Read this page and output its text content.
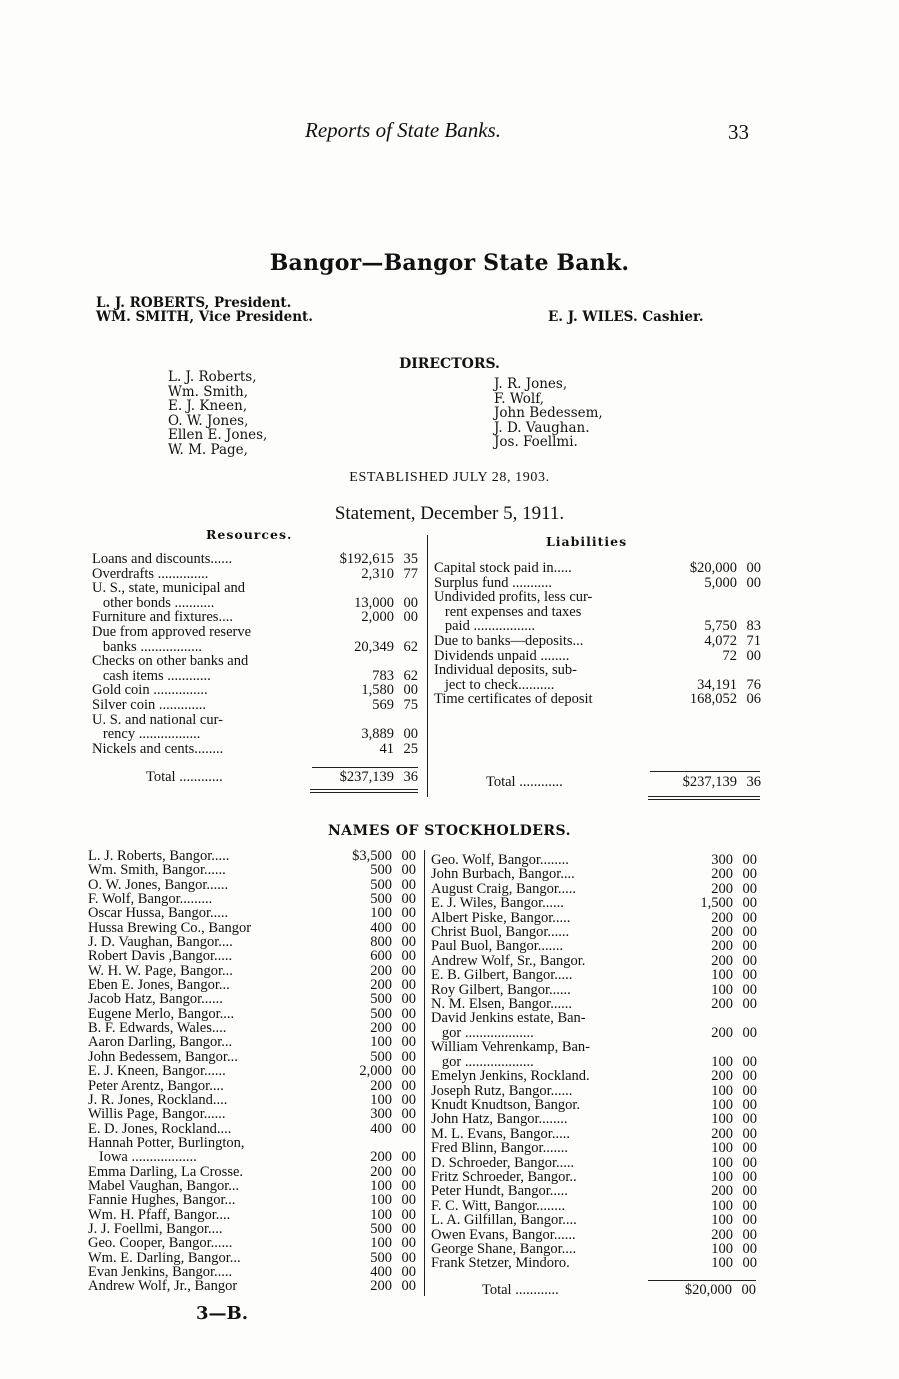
Reports of State Banks.	33
Bangor—Bangor State Bank.
L. J. ROBERTS, President.
WM. SMITH, Vice President.	E. J. WILES. Cashier.
DIRECTORS.
L. J. Roberts,
Wm. Smith,
E. J. Kneen,
O. W. Jones,
Ellen E. Jones,
W. M. Page,
J. R. Jones,
F. Wolf,
John Bedessem,
J. D. Vaughan.
Jos. Foellmi.
ESTABLISHED JULY 28, 1903.
Statement, December 5, 1911.
Resources.
Loans and discounts......	$192,615 35
Overdrafts ..............	2,310 77
U. S., state, municipal and
other bonds ...........	13,000 00
Furniture and fixtures....	2,000 00
Due from approved reserve
banks .................	20,349 62
Checks on other banks and
cash items ............	783 62
Gold coin ...............	1,580 00
Silver coin .............	569 75
U. S. and national cur-
rency .................	3,889 00
Nickels and cents........	41 25
Total ............	$237,139 36
Liabilities
Capital stock paid in.....	$20,000 00
Surplus fund ...........	5,000 00
Undivided profits, less cur-
rent expenses and taxes
paid .................	5,750 83
Due to banks—deposits...	4,072 71
Dividends unpaid ........	72 00
Individual deposits, sub-
ject to check..........	34,191 76
Time certificates of deposit	168,052 06
Total ............	$237,139 36
NAMES OF STOCKHOLDERS.
L. J. Roberts, Bangor.....	$3,500 00
Wm. Smith, Bangor......	500 00
O. W. Jones, Bangor......	500 00
F. Wolf, Bangor.........	500 00
Oscar Hussa, Bangor.....	100 00
Hussa Brewing Co., Bangor	400 00
J. D. Vaughan, Bangor....	800 00
Robert Davis ,Bangor.....	600 00
W. H. W. Page, Bangor...	200 00
Eben E. Jones, Bangor...	200 00
Jacob Hatz, Bangor......	500 00
Eugene Merlo, Bangor....	500 00
B. F. Edwards, Wales....	200 00
Aaron Darling, Bangor...	100 00
John Bedessem, Bangor...	500 00
E. J. Kneen, Bangor......	2,000 00
Peter Arentz, Bangor....	200 00
J. R. Jones, Rockland....	100 00
Willis Page, Bangor......	300 00
E. D. Jones, Rockland....	400 00
Hannah Potter, Burlington,
Iowa ..................	200 00
Emma Darling, La Crosse.	200 00
Mabel Vaughan, Bangor...	100 00
Fannie Hughes, Bangor...	100 00
Wm. H. Pfaff, Bangor....	100 00
J. J. Foellmi, Bangor....	500 00
Geo. Cooper, Bangor......	100 00
Wm. E. Darling, Bangor...	500 00
Evan Jenkins, Bangor.....	400 00
Andrew Wolf, Jr., Bangor	200 00
Geo. Wolf, Bangor........	300 00
John Burbach, Bangor....	200 00
August Craig, Bangor.....	200 00
E. J. Wiles, Bangor......	1,500 00
Albert Piske, Bangor.....	200 00
Christ Buol, Bangor......	200 00
Paul Buol, Bangor.......	200 00
Andrew Wolf, Sr., Bangor.	200 00
E. B. Gilbert, Bangor.....	100 00
Roy Gilbert, Bangor......	100 00
N. M. Elsen, Bangor......	200 00
David Jenkins estate, Ban-
gor ...................	200 00
William Vehrenkamp, Ban-
gor ...................	100 00
Emelyn Jenkins, Rockland.	200 00
Joseph Rutz, Bangor......	100 00
Knudt Knudtson, Bangor.	100 00
John Hatz, Bangor........	100 00
M. L. Evans, Bangor.....	200 00
Fred Blinn, Bangor.......	100 00
D. Schroeder, Bangor.....	100 00
Fritz Schroeder, Bangor..	100 00
Peter Hundt, Bangor.....	200 00
F. C. Witt, Bangor........	100 00
L. A. Gilfillan, Bangor....	100 00
Owen Evans, Bangor......	200 00
George Shane, Bangor....	100 00
Frank Stetzer, Mindoro.	100 00
Total ............	$20,000 00
3—B.
